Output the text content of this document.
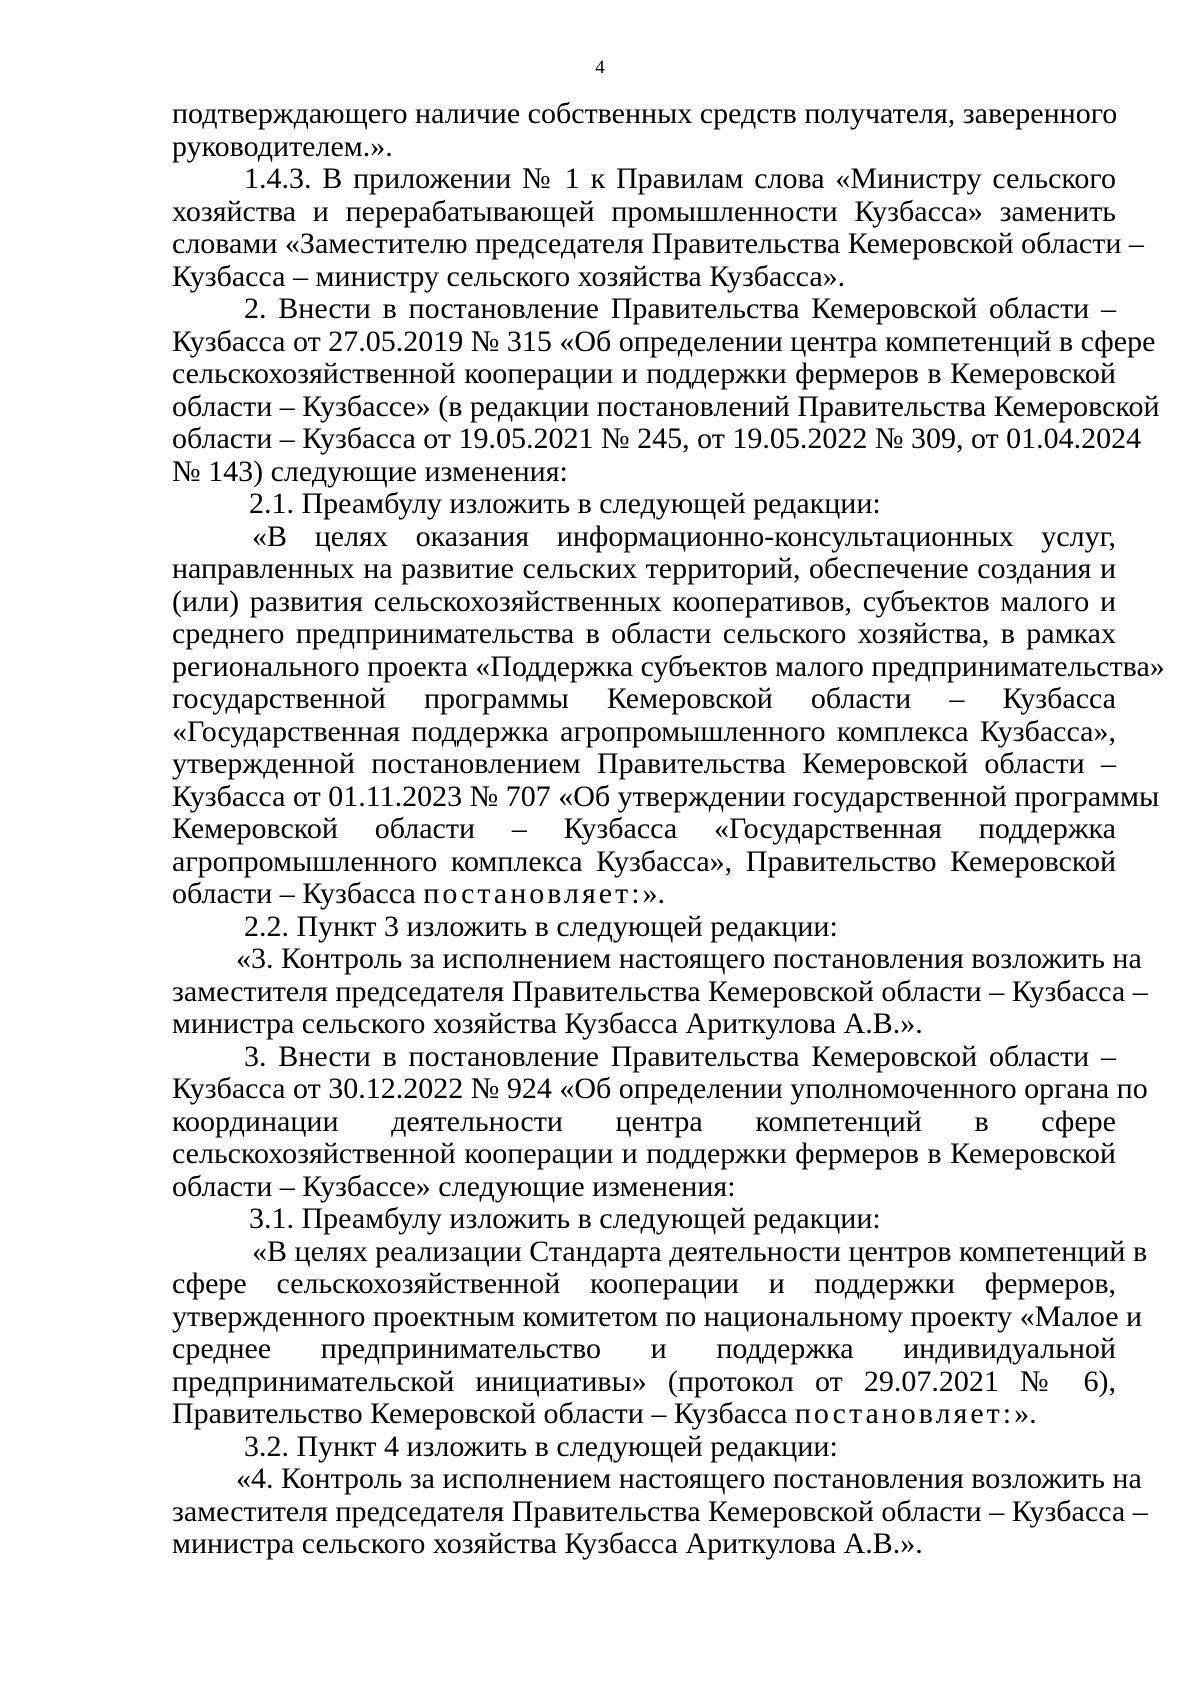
4
подтверждающего наличие собственных средств получателя, заверенного
руководителем.».
1.4.3. В приложении № 1 к Правилам слова «Министру сельского
хозяйства и перерабатывающей промышленности Кузбасса» заменить
словами «Заместителю председателя Правительства Кемеровской области –
Кузбасса – министру сельского хозяйства Кузбасса».
2. Внести в постановление Правительства Кемеровской области –
Кузбасса от 27.05.2019 № 315 «Об определении центра компетенций в сфере
сельскохозяйственной кооперации и поддержки фермеров в Кемеровской
области – Кузбассе» (в редакции постановлений Правительства Кемеровской
области – Кузбасса от 19.05.2021 № 245, от 19.05.2022 № 309, от 01.04.2024
№ 143) следующие изменения:
2.1. Преамбулу изложить в следующей редакции:
«В целях оказания информационно-консультационных услуг,
направленных на развитие сельских территорий, обеспечение создания и
(или) развития сельскохозяйственных кооперативов, субъектов малого и
среднего предпринимательства в области сельского хозяйства, в рамках
регионального проекта «Поддержка субъектов малого предпринимательства»
государственной программы Кемеровской области – Кузбасса
«Государственная поддержка агропромышленного комплекса Кузбасса»,
утвержденной постановлением Правительства Кемеровской области –
Кузбасса от 01.11.2023 № 707 «Об утверждении государственной программы
Кемеровской области – Кузбасса «Государственная поддержка
агропромышленного комплекса Кузбасса», Правительство Кемеровской
области – Кузбасса постановляет:».
2.2. Пункт 3 изложить в следующей редакции:
«3. Контроль за исполнением настоящего постановления возложить на
заместителя председателя Правительства Кемеровской области – Кузбасса –
министра сельского хозяйства Кузбасса Ариткулова А.В.».
3. Внести в постановление Правительства Кемеровской области –
Кузбасса от 30.12.2022 № 924 «Об определении уполномоченного органа по
координации деятельности центра компетенций в сфере
сельскохозяйственной кооперации и поддержки фермеров в Кемеровской
области – Кузбассе» следующие изменения:
3.1. Преамбулу изложить в следующей редакции:
«В целях реализации Стандарта деятельности центров компетенций в
сфере сельскохозяйственной кооперации и поддержки фермеров,
утвержденного проектным комитетом по национальному проекту «Малое и
среднее предпринимательство и поддержка индивидуальной
предпринимательской инициативы» (протокол от 29.07.2021 № 6),
Правительство Кемеровской области – Кузбасса постановляет:».
3.2. Пункт 4 изложить в следующей редакции:
«4. Контроль за исполнением настоящего постановления возложить на
заместителя председателя Правительства Кемеровской области – Кузбасса –
министра сельского хозяйства Кузбасса Ариткулова А.В.».
